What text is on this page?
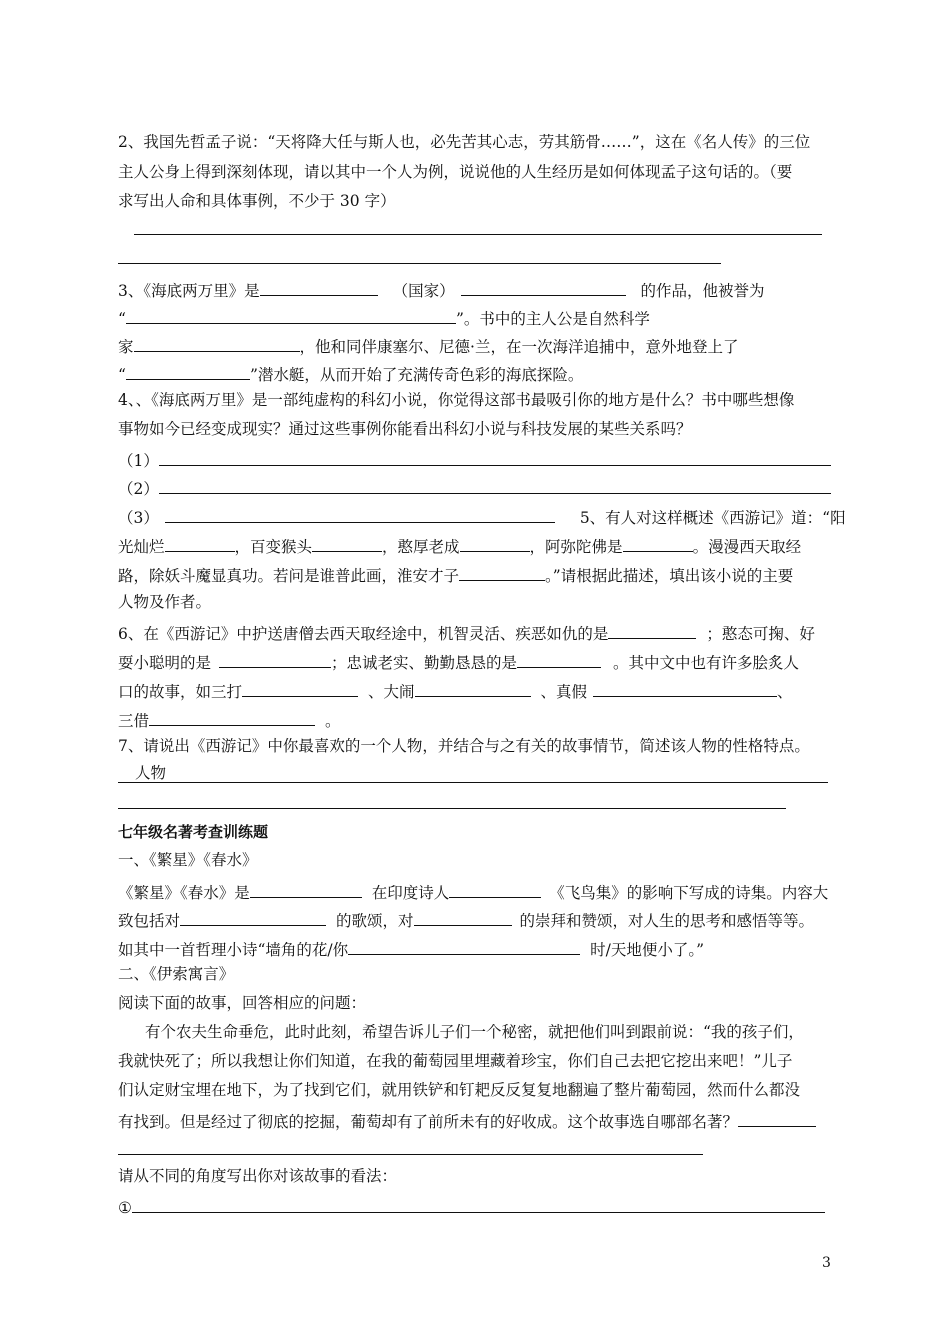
2、我国先哲孟子说：“天将降大任与斯人也，必先苦其心志，劳其筋骨……”，这在《名人传》的三位
主人公身上得到深刻体现，请以其中一个人为例，说说他的人生经历是如何体现孟子这句话的。（要
求写出人命和具体事例，不少于 30 字）
3、《海底两万里》是	（国家）	的作品，他被誉为
“	”。书中的主人公是自然科学
家	，他和同伴康塞尔、尼德·兰，在一次海洋追捕中，意外地登上了
“	”潜水艇，从而开始了充满传奇色彩的海底探险。
4、、《海底两万里》是一部纯虚构的科幻小说，你觉得这部书最吸引你的地方是什么？书中哪些想像
事物如今已经变成现实？通过这些事例你能看出科幻小说与科技发展的某些关系吗？
（1）
（2）
（3）	5、有人对这样概述《西游记》道：“阳
光灿烂	，百变猴头	，憨厚老成	，阿弥陀佛是	。漫漫西天取经
路，除妖斗魔显真功。若问是谁普此画，淮安才子	。”请根据此描述，填出该小说的主要
人物及作者。
6、在《西游记》中护送唐僧去西天取经途中，机智灵活、疾恶如仇的是	；憨态可掬、好
耍小聪明的是	；忠诚老实、勤勤恳恳的是	。其中文中也有许多脍炙人
口的故事，如三打	、大闹	、真假	、
三借	。
7、请说出《西游记》中你最喜欢的一个人物，并结合与之有关的故事情节，简述该人物的性格特点。
人物
七年级名著考查训练题
一、《繁星》《春水》
《繁星》《春水》是	在印度诗人	《飞鸟集》的影响下写成的诗集。内容大
致包括对	的歌颂，对	的崇拜和赞颂，对人生的思考和感悟等等。
如其中一首哲理小诗“墙角的花/你	时/天地便小了。”
二、《伊索寓言》
阅读下面的故事，回答相应的问题：
有个农夫生命垂危，此时此刻，希望告诉儿子们一个秘密，就把他们叫到跟前说：“我的孩子们，
我就快死了；所以我想让你们知道，在我的葡萄园里埋藏着珍宝，你们自己去把它挖出来吧！”儿子
们认定财宝埋在地下，为了找到它们，就用铁铲和钉耙反反复复地翻遍了整片葡萄园，然而什么都没
有找到。但是经过了彻底的挖掘，葡萄却有了前所未有的好收成。这个故事选自哪部名著？
请从不同的角度写出你对该故事的看法：
①
3
